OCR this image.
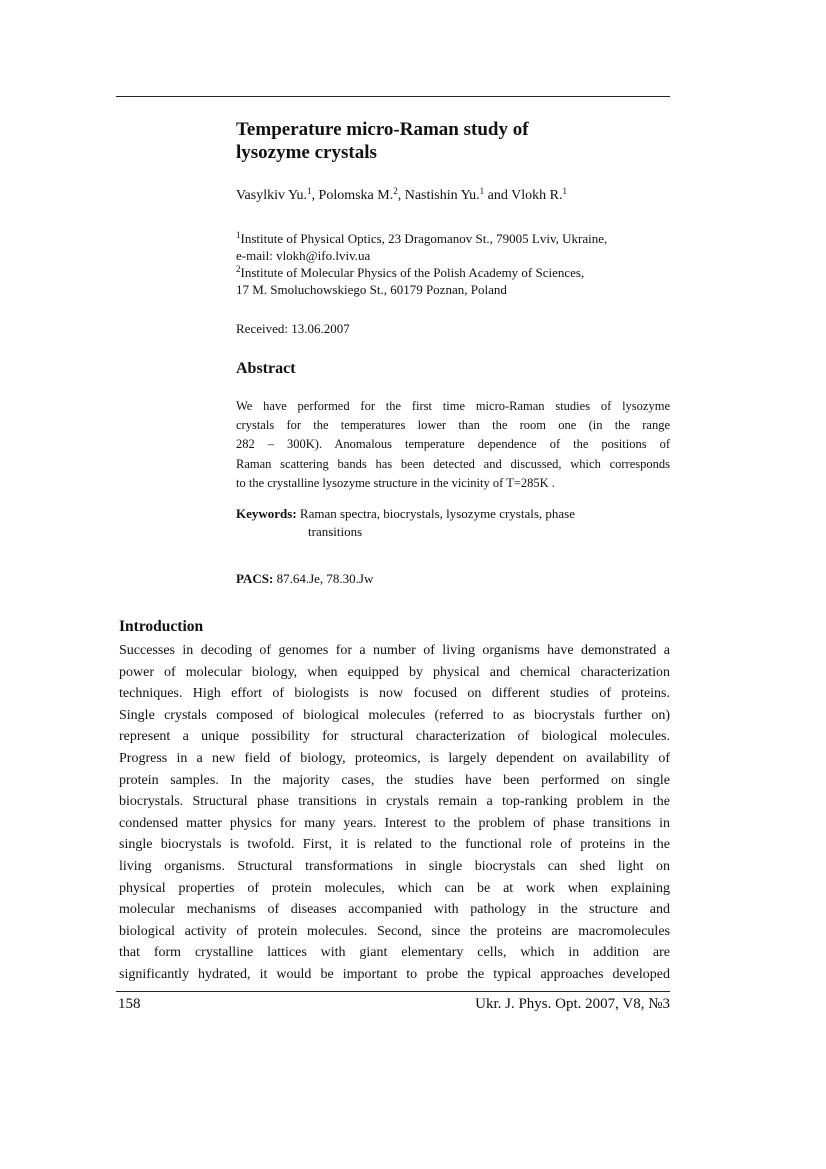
Temperature micro-Raman study of
lysozyme crystals
Vasylkiv Yu.$^1$, Polomska M.$^2$, Nastishin Yu.$^1$ and Vlokh R.$^1$
$^1$Institute of Physical Optics, 23 Dragomanov St., 79005 Lviv, Ukraine,
e-mail: vlokh@ifo.lviv.ua
$^2$Institute of Molecular Physics of the Polish Academy of Sciences,
17 M. Smoluchowskiego St., 60179 Poznan, Poland
Received: 13.06.2007
Abstract
We have performed for the first time micro-Raman studies of lysozyme
crystals for the temperatures lower than the room one (in the range
282 – 300K). Anomalous temperature dependence of the positions of
Raman scattering bands has been detected and discussed, which corresponds
to the crystalline lysozyme structure in the vicinity of T=285K .
Keywords: Raman spectra, biocrystals, lysozyme crystals, phase
transitions
PACS: 87.64.Je, 78.30.Jw
Introduction
Successes in decoding of genomes for a number of living organisms have demonstrated a
power of molecular biology, when equipped by physical and chemical characterization
techniques. High effort of biologists is now focused on different studies of proteins.
Single crystals composed of biological molecules (referred to as biocrystals further on)
represent a unique possibility for structural characterization of biological molecules.
Progress in a new field of biology, proteomics, is largely dependent on availability of
protein samples. In the majority cases, the studies have been performed on single
biocrystals. Structural phase transitions in crystals remain a top-ranking problem in the
condensed matter physics for many years. Interest to the problem of phase transitions in
single biocrystals is twofold. First, it is related to the functional role of proteins in the
living organisms. Structural transformations in single biocrystals can shed light on
physical properties of protein molecules, which can be at work when explaining
molecular mechanisms of diseases accompanied with pathology in the structure and
biological activity of protein molecules. Second, since the proteins are macromolecules
that form crystalline lattices with giant elementary cells, which in addition are
significantly hydrated, it would be important to probe the typical approaches developed
158	Ukr. J. Phys. Opt. 2007, V8, №3
